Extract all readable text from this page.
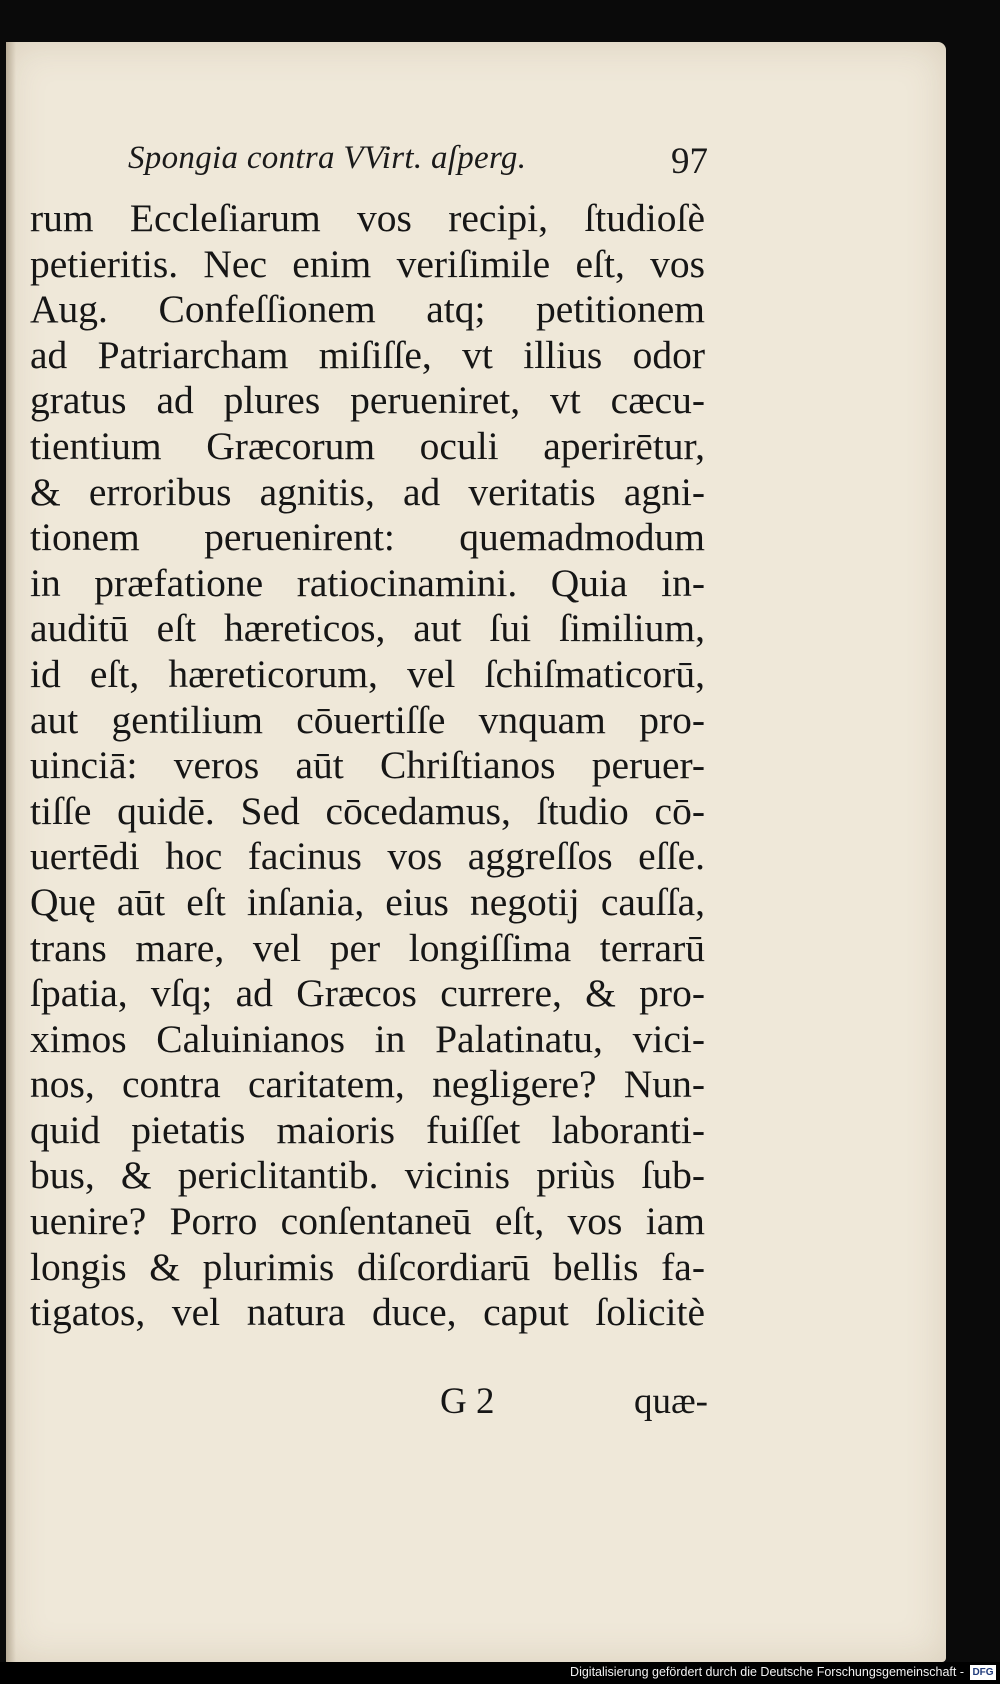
Spongia contra VVirt. aſperg.	97
rum Eccleſiarum vos recipi, ſtudioſè
petieritis. Nec enim veriſimile eſt, vos
Aug. Confeſſionem atq; petitionem
ad Patriarcham miſiſſe, vt illius odor
gratus ad plures perueniret, vt cæcu-
tientium Græcorum oculi aperirētur,
& erroribus agnitis, ad veritatis agni-
tionem peruenirent: quemadmodum
in præfatione ratiocinamini. Quia in-
auditū eſt hæreticos, aut ſui ſimilium,
id eſt, hæreticorum, vel ſchiſmaticorū,
aut gentilium cōuertiſſe vnquam pro-
uinciā: veros aūt Chriſtianos peruer-
tiſſe quidē. Sed cōcedamus, ſtudio cō-
uertēdi hoc facinus vos aggreſſos eſſe.
Quę aūt eſt inſania, eius negotij cauſſa,
trans mare, vel per longiſſima terrarū
ſpatia, vſq; ad Græcos currere, & pro-
ximos Caluinianos in Palatinatu, vici-
nos, contra caritatem, negligere? Nun-
quid pietatis maioris fuiſſet laboranti-
bus, & periclitantib. vicinis priùs ſub-
uenire? Porro conſentaneū eſt, vos iam
longis & plurimis diſcordiarū bellis fa-
tigatos, vel natura duce, caput ſolicitè
G 2	quæ-
Digitalisierung gefördert durch die Deutsche Forschungsgemeinschaft - DFG
